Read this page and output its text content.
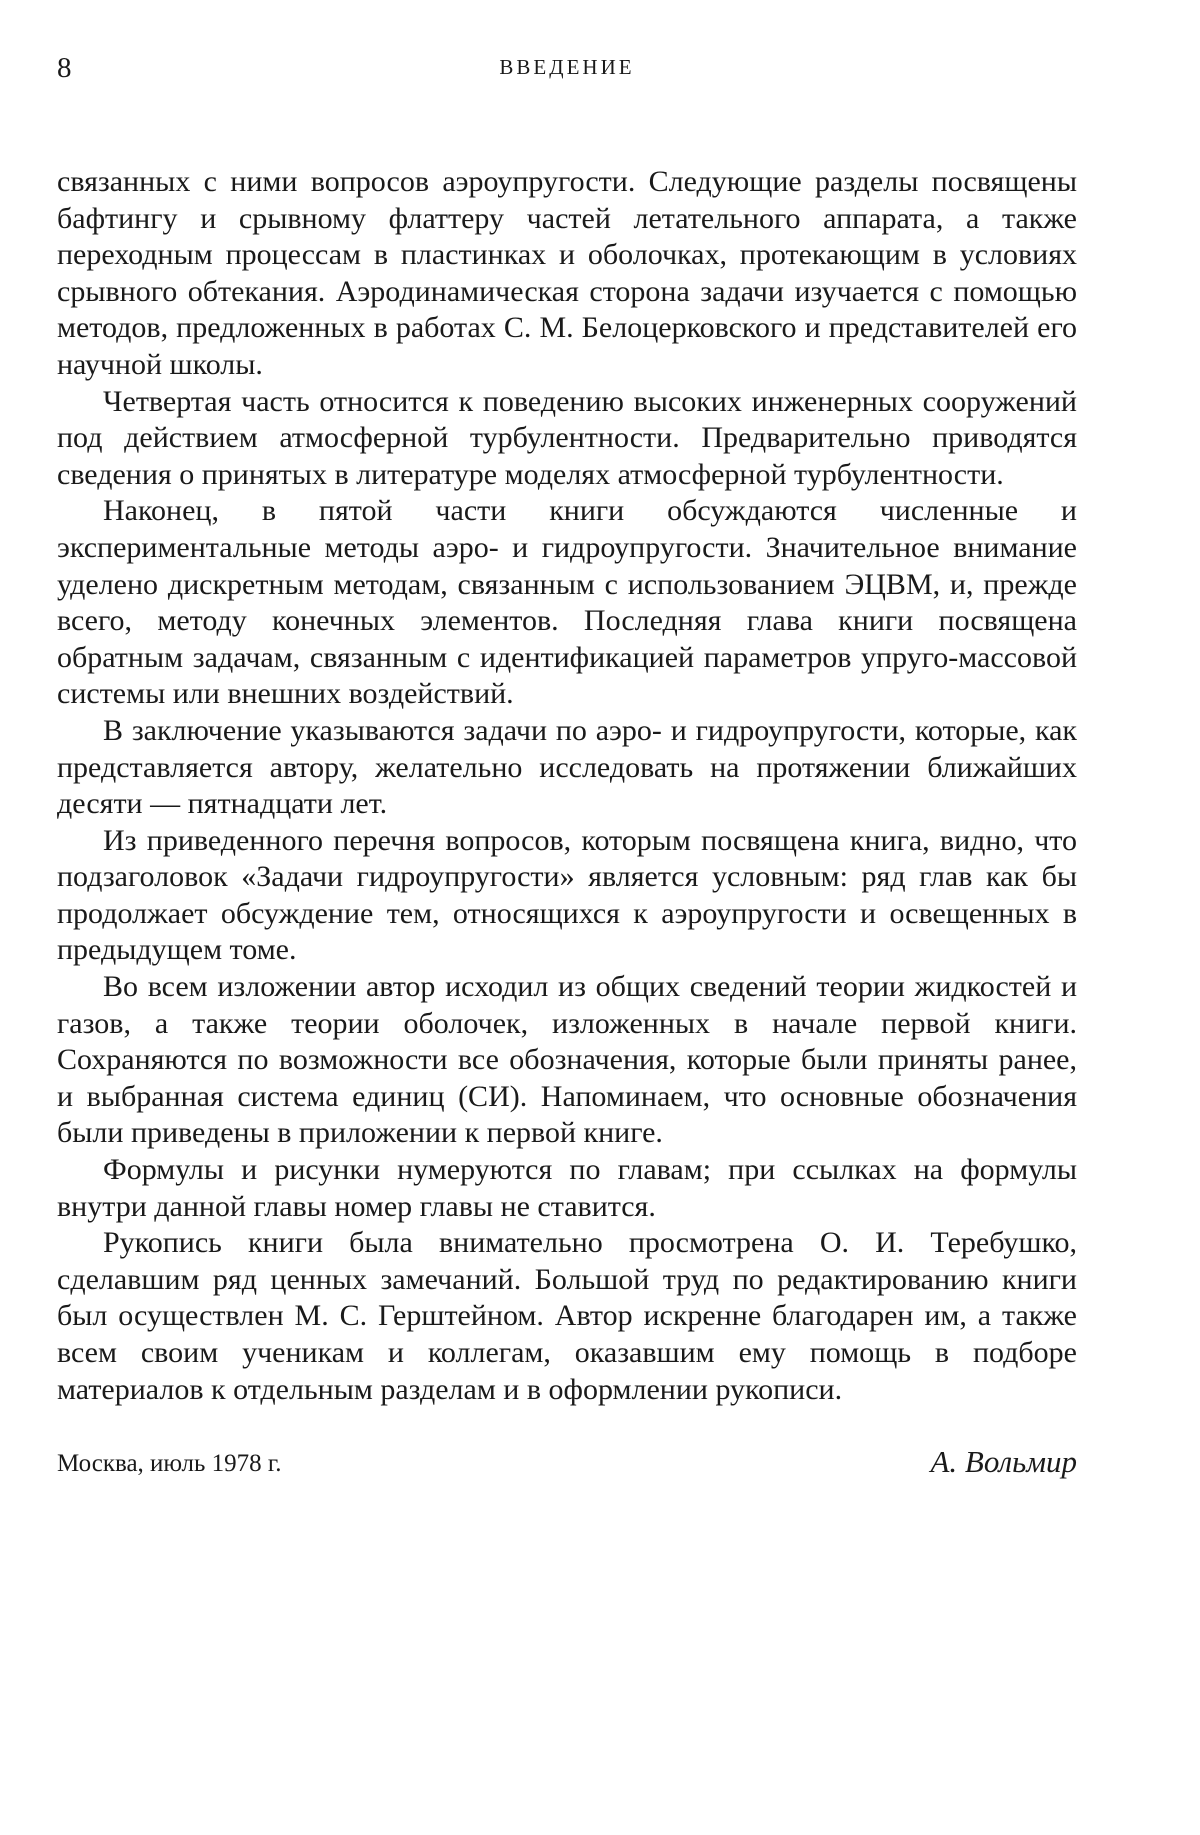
8	ВВЕДЕНИЕ

связанных с ними вопросов аэроупругости. Следующие разделы посвящены бафтингу и срывному флаттеру частей летательного аппарата, а также переходным процессам в пластинках и оболочках, протекающим в условиях срывного обтекания. Аэродинамическая сторона задачи изучается с помощью методов, предложенных в работах С. М. Белоцерковского и представителей его научной школы.

Четвертая часть относится к поведению высоких инженерных сооружений под действием атмосферной турбулентности. Предварительно приводятся сведения о принятых в литературе моделях атмосферной турбулентности.

Наконец, в пятой части книги обсуждаются численные и экспериментальные методы аэро- и гидроупругости. Значительное внимание уделено дискретным методам, связанным с использованием ЭЦВМ, и, прежде всего, методу конечных элементов. Последняя глава книги посвящена обратным задачам, связанным с идентификацией параметров упруго-массовой системы или внешних воздействий.

В заключение указываются задачи по аэро- и гидроупругости, которые, как представляется автору, желательно исследовать на протяжении ближайших десяти — пятнадцати лет.

Из приведенного перечня вопросов, которым посвящена книга, видно, что подзаголовок «Задачи гидроупругости» является условным: ряд глав как бы продолжает обсуждение тем, относящихся к аэроупругости и освещенных в предыдущем томе.

Во всем изложении автор исходил из общих сведений теории жидкостей и газов, а также теории оболочек, изложенных в начале первой книги. Сохраняются по возможности все обозначения, которые были приняты ранее, и выбранная система единиц (СИ). Напоминаем, что основные обозначения были приведены в приложении к первой книге.

Формулы и рисунки нумеруются по главам; при ссылках на формулы внутри данной главы номер главы не ставится.

Рукопись книги была внимательно просмотрена О. И. Теребушко, сделавшим ряд ценных замечаний. Большой труд по редактированию книги был осуществлен М. С. Герштейном. Автор искренне благодарен им, а также всем своим ученикам и коллегам, оказавшим ему помощь в подборе материалов к отдельным разделам и в оформлении рукописи.

Москва, июль 1978 г.	А. Вольмир
